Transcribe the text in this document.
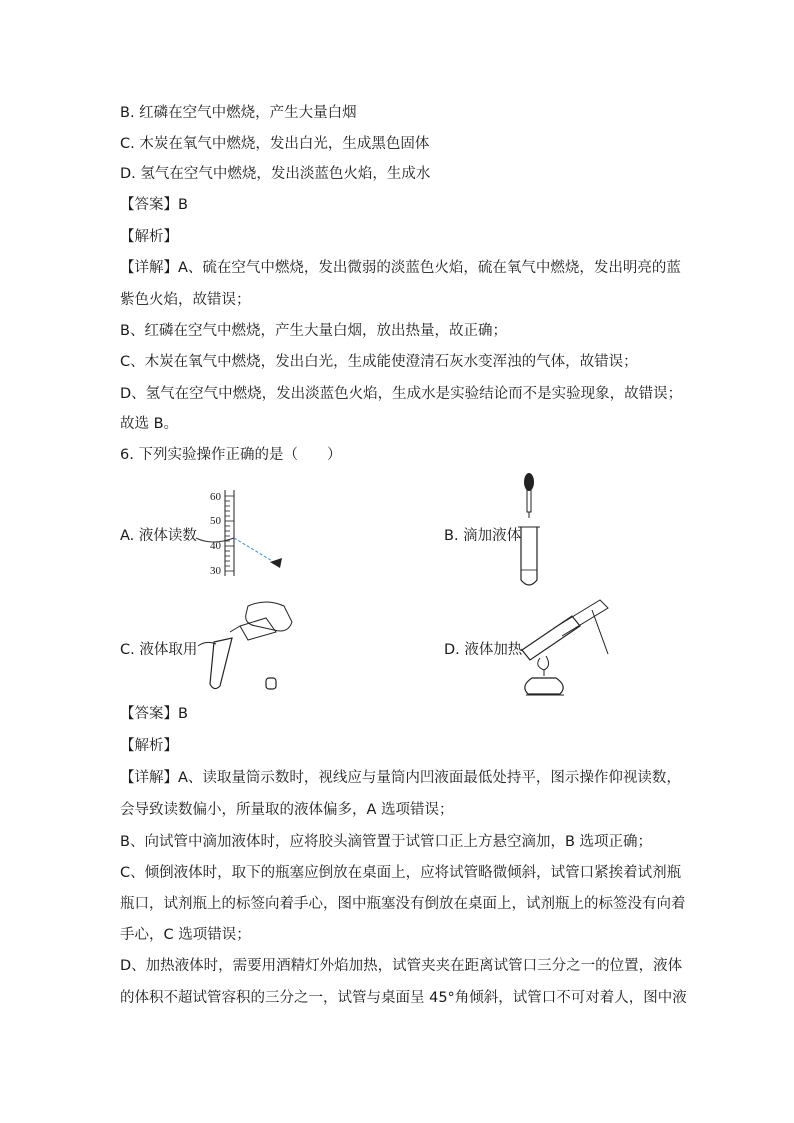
B. 红磷在空气中燃烧，产生大量白烟
C. 木炭在氧气中燃烧，发出白光，生成黑色固体
D. 氢气在空气中燃烧，发出淡蓝色火焰，生成水
【答案】B
【解析】
【详解】A、硫在空气中燃烧，发出微弱的淡蓝色火焰，硫在氧气中燃烧，发出明亮的蓝
紫色火焰，故错误；
B、红磷在空气中燃烧，产生大量白烟，放出热量，故正确；
C、木炭在氧气中燃烧，发出白光，生成能使澄清石灰水变浑浊的气体，故错误；
D、氢气在空气中燃烧，发出淡蓝色火焰，生成水是实验结论而不是实验现象，故错误；
故选 B。
6. 下列实验操作正确的是（　　）
A. 液体读数
60
50
40
30
B. 滴加液体
C. 液体取用	D. 液体加热
【答案】B
【解析】
【详解】A、读取量筒示数时，视线应与量筒内凹液面最低处持平，图示操作仰视读数，
会导致读数偏小，所量取的液体偏多，A 选项错误；
B、向试管中滴加液体时，应将胶头滴管置于试管口正上方悬空滴加，B 选项正确；
C、倾倒液体时，取下的瓶塞应倒放在桌面上，应将试管略微倾斜，试管口紧挨着试剂瓶
瓶口，试剂瓶上的标签向着手心，图中瓶塞没有倒放在桌面上，试剂瓶上的标签没有向着
手心，C 选项错误；
D、加热液体时，需要用酒精灯外焰加热，试管夹夹在距离试管口三分之一的位置，液体
的体积不超试管容积的三分之一，试管与桌面呈 45°角倾斜，试管口不可对着人，图中液
